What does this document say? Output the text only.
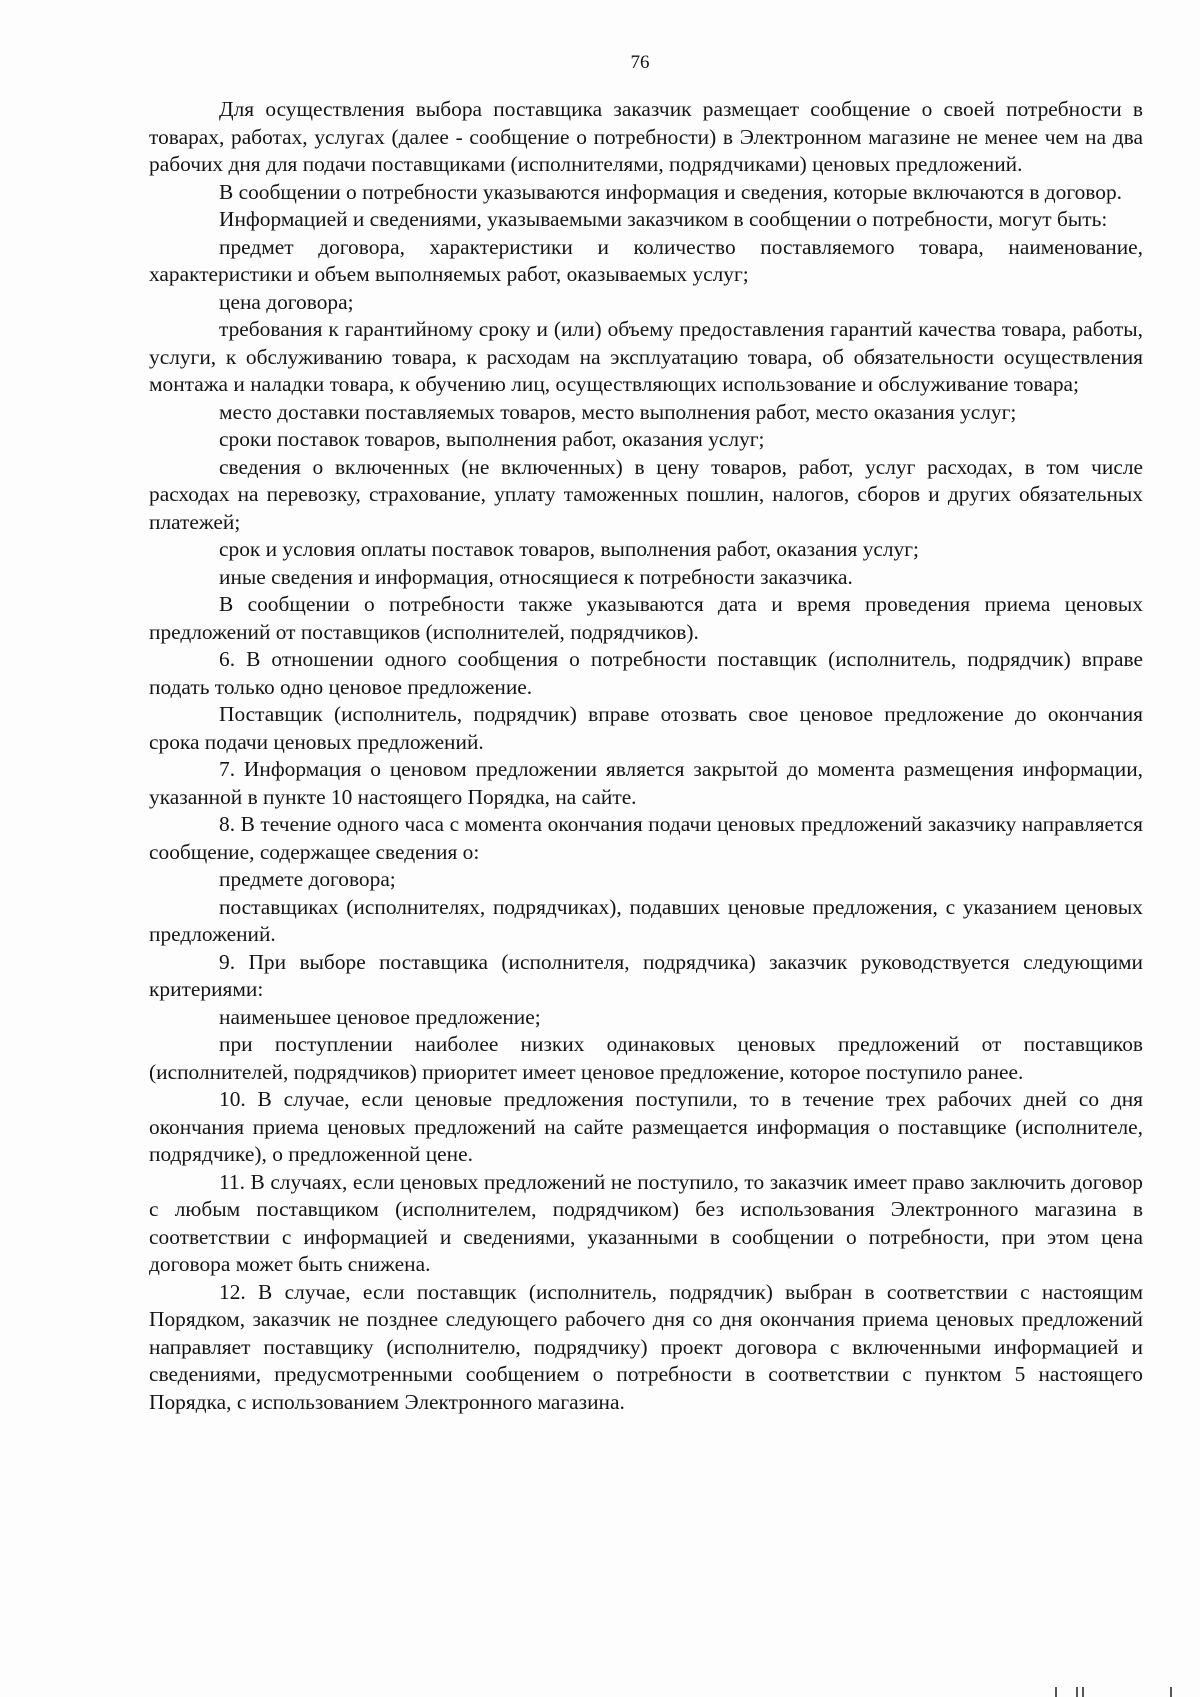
76

Для осуществления выбора поставщика заказчик размещает сообщение о своей потребности в товарах, работах, услугах (далее - сообщение о потребности) в Электронном магазине не менее чем на два рабочих дня для подачи поставщиками (исполнителями, подрядчиками) ценовых предложений.

В сообщении о потребности указываются информация и сведения, которые включаются в договор.

Информацией и сведениями, указываемыми заказчиком в сообщении о потребности, могут быть:

предмет договора, характеристики и количество поставляемого товара, наименование, характеристики и объем выполняемых работ, оказываемых услуг;

цена договора;

требования к гарантийному сроку и (или) объему предоставления гарантий качества товара, работы, услуги, к обслуживанию товара, к расходам на эксплуатацию товара, об обязательности осуществления монтажа и наладки товара, к обучению лиц, осуществляющих использование и обслуживание товара;

место доставки поставляемых товаров, место выполнения работ, место оказания услуг;

сроки поставок товаров, выполнения работ, оказания услуг;

сведения о включенных (не включенных) в цену товаров, работ, услуг расходах, в том числе расходах на перевозку, страхование, уплату таможенных пошлин, налогов, сборов и других обязательных платежей;

срок и условия оплаты поставок товаров, выполнения работ, оказания услуг;

иные сведения и информация, относящиеся к потребности заказчика.

В сообщении о потребности также указываются дата и время проведения приема ценовых предложений от поставщиков (исполнителей, подрядчиков).

6. В отношении одного сообщения о потребности поставщик (исполнитель, подрядчик) вправе подать только одно ценовое предложение.

Поставщик (исполнитель, подрядчик) вправе отозвать свое ценовое предложение до окончания срока подачи ценовых предложений.

7. Информация о ценовом предложении является закрытой до момента размещения информации, указанной в пункте 10 настоящего Порядка, на сайте.

8. В течение одного часа с момента окончания подачи ценовых предложений заказчику направляется сообщение, содержащее сведения о:

предмете договора;

поставщиках (исполнителях, подрядчиках), подавших ценовые предложения, с указанием ценовых предложений.

9. При выборе поставщика (исполнителя, подрядчика) заказчик руководствуется следующими критериями:

наименьшее ценовое предложение;

при поступлении наиболее низких одинаковых ценовых предложений от поставщиков (исполнителей, подрядчиков) приоритет имеет ценовое предложение, которое поступило ранее.

10. В случае, если ценовые предложения поступили, то в течение трех рабочих дней со дня окончания приема ценовых предложений на сайте размещается информация о поставщике (исполнителе, подрядчике), о предложенной цене.

11. В случаях, если ценовых предложений не поступило, то заказчик имеет право заключить договор с любым поставщиком (исполнителем, подрядчиком) без использования Электронного магазина в соответствии с информацией и сведениями, указанными в сообщении о потребности, при этом цена договора может быть снижена.

12. В случае, если поставщик (исполнитель, подрядчик) выбран в соответствии с настоящим Порядком, заказчик не позднее следующего рабочего дня со дня окончания приема ценовых предложений направляет поставщику (исполнителю, подрядчику) проект договора с включенными информацией и сведениями, предусмотренными сообщением о потребности в соответствии с пунктом 5 настоящего Порядка, с использованием Электронного магазина.
